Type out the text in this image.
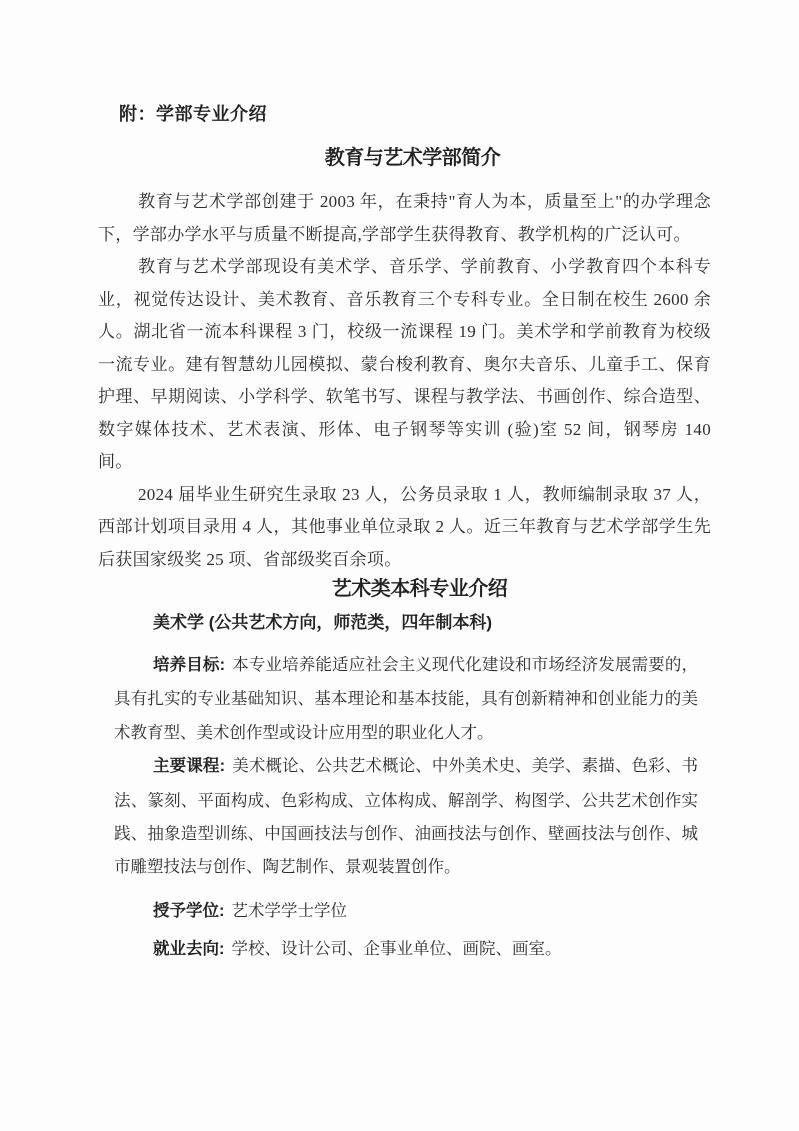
附：学部专业介绍
教育与艺术学部简介

教育与艺术学部创建于 2003 年，在秉持"育人为本，质量至上"的办学理念下，学部办学水平与质量不断提高,学部学生获得教育、教学机构的广泛认可。

教育与艺术学部现设有美术学、音乐学、学前教育、小学教育四个本科专业，视觉传达设计、美术教育、音乐教育三个专科专业。全日制在校生 2600 余人。湖北省一流本科课程 3 门，校级一流课程 19 门。美术学和学前教育为校级一流专业。建有智慧幼儿园模拟、蒙台梭利教育、奥尔夫音乐、儿童手工、保育护理、早期阅读、小学科学、软笔书写、课程与教学法、书画创作、综合造型、数字媒体技术、艺术表演、形体、电子钢琴等实训 (验)室 52 间，钢琴房 140 间。

2024 届毕业生研究生录取 23 人，公务员录取 1 人，教师编制录取 37 人，西部计划项目录用 4 人，其他事业单位录取 2 人。近三年教育与艺术学部学生先后获国家级奖 25 项、省部级奖百余项。

艺术类本科专业介绍
美术学 (公共艺术方向，师范类，四年制本科)

培养目标: 本专业培养能适应社会主义现代化建设和市场经济发展需要的，具有扎实的专业基础知识、基本理论和基本技能，具有创新精神和创业能力的美术教育型、美术创作型或设计应用型的职业化人才。

主要课程: 美术概论、公共艺术概论、中外美术史、美学、素描、色彩、书法、篆刻、平面构成、色彩构成、立体构成、解剖学、构图学、公共艺术创作实践、抽象造型训练、中国画技法与创作、油画技法与创作、壁画技法与创作、城市雕塑技法与创作、陶艺制作、景观装置创作。

授予学位: 艺术学学士学位

就业去向: 学校、设计公司、企事业单位、画院、画室。
